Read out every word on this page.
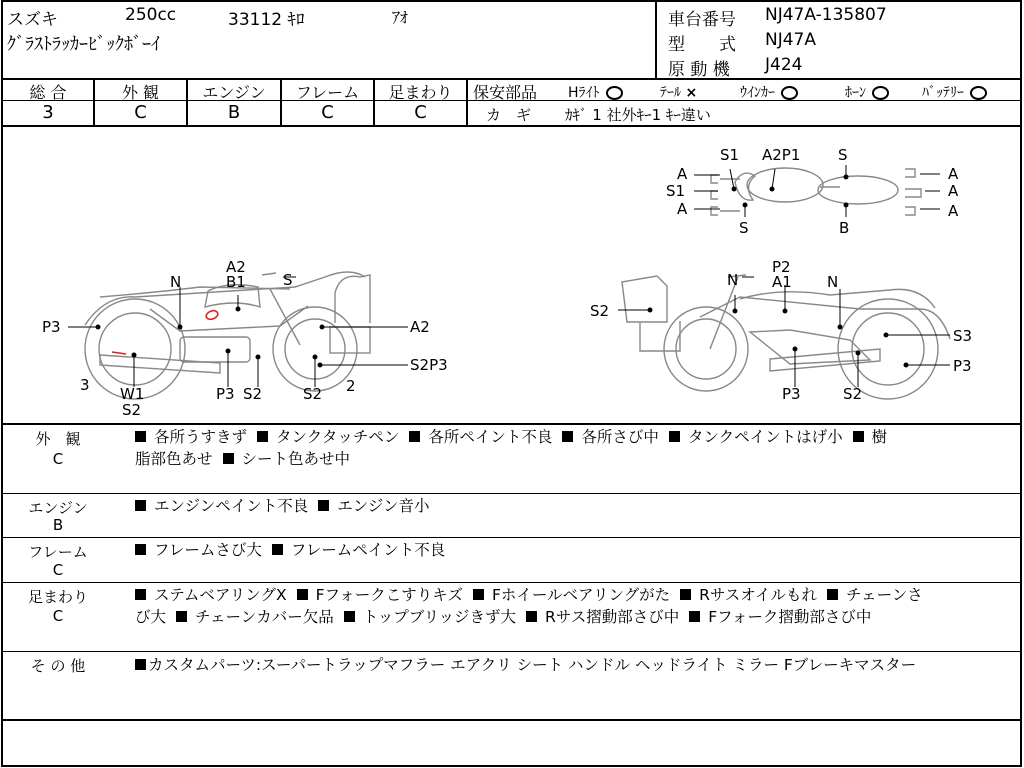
スズキ	250cc	33112 ｷﾛ	ｱｵ
ｸﾞﾗｽﾄﾗｯｶｰﾋﾞｯｸﾎﾞｰｲ
車台番号 NJ47A-135807
型　　式 NJ47A
原 動 機 J424
総 合
3
外 観
C
エンジン
B
フレーム
C
足まわり
C
保安部品 Hﾗｲﾄ	ﾃｰﾙ ×	ｳｲﾝｶｰ	ﾎｰﾝ	ﾊﾞｯﾃﾘｰ
カ　ギ ｶｷﾞ 1 社外ｷｰ1 ｷｰ違い
S1 A2P1	S
A
S1
A
A
A
A
S	B
A2
B1 S
N
P3	A2
S2P3
3 W1
S2
P3 S2	S2 2
P2
N A1 N
S2
S3
P3
P3	S2
外　観
C
各所うすきず タンクタッチペン 各所ペイント不良 各所さび中 タンクペイントはげ小 樹
脂部色あせ シート色あせ中
エンジン
B
エンジンペイント不良 エンジン音小
フレーム
C
フレームさび大 フレームペイント不良
足まわり
C
ステムベアリングX Fフォークこすりキズ Fホイールベアリングがた Rサスオイルもれ チェーンさ
び大 チェーンカバー欠品 トップブリッジきず大 Rサス摺動部さび中 Fフォーク摺動部さび中
そ の 他	カスタムパーツ:スーパートラップマフラー エアクリ シート ハンドル ヘッドライト ミラー Fブレーキマスター
